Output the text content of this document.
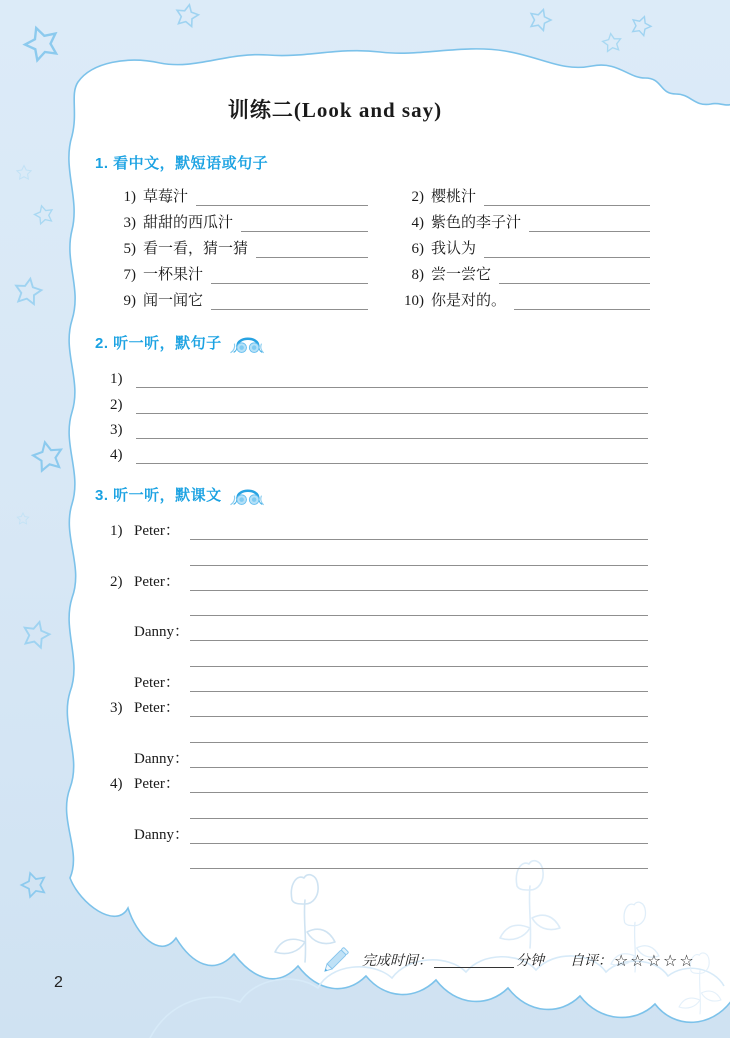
训练二(Look and say)
1. 看中文，默短语或句子
1) 草莓汁	2) 樱桃汁
3) 甜甜的西瓜汁	4) 紫色的李子汁
5) 看一看，猜一猜	6) 我认为
7) 一杯果汁	8) 尝一尝它
9) 闻一闻它	10) 你是对的。
2. 听一听，默句子
1)
2)
3)
4)
3. 听一听，默课文
1) Peter：
2) Peter：
Danny：
Peter：
3) Peter：
Danny：
4) Peter：
Danny：
完成时间：	分钟 自评： ☆☆☆☆☆
2
